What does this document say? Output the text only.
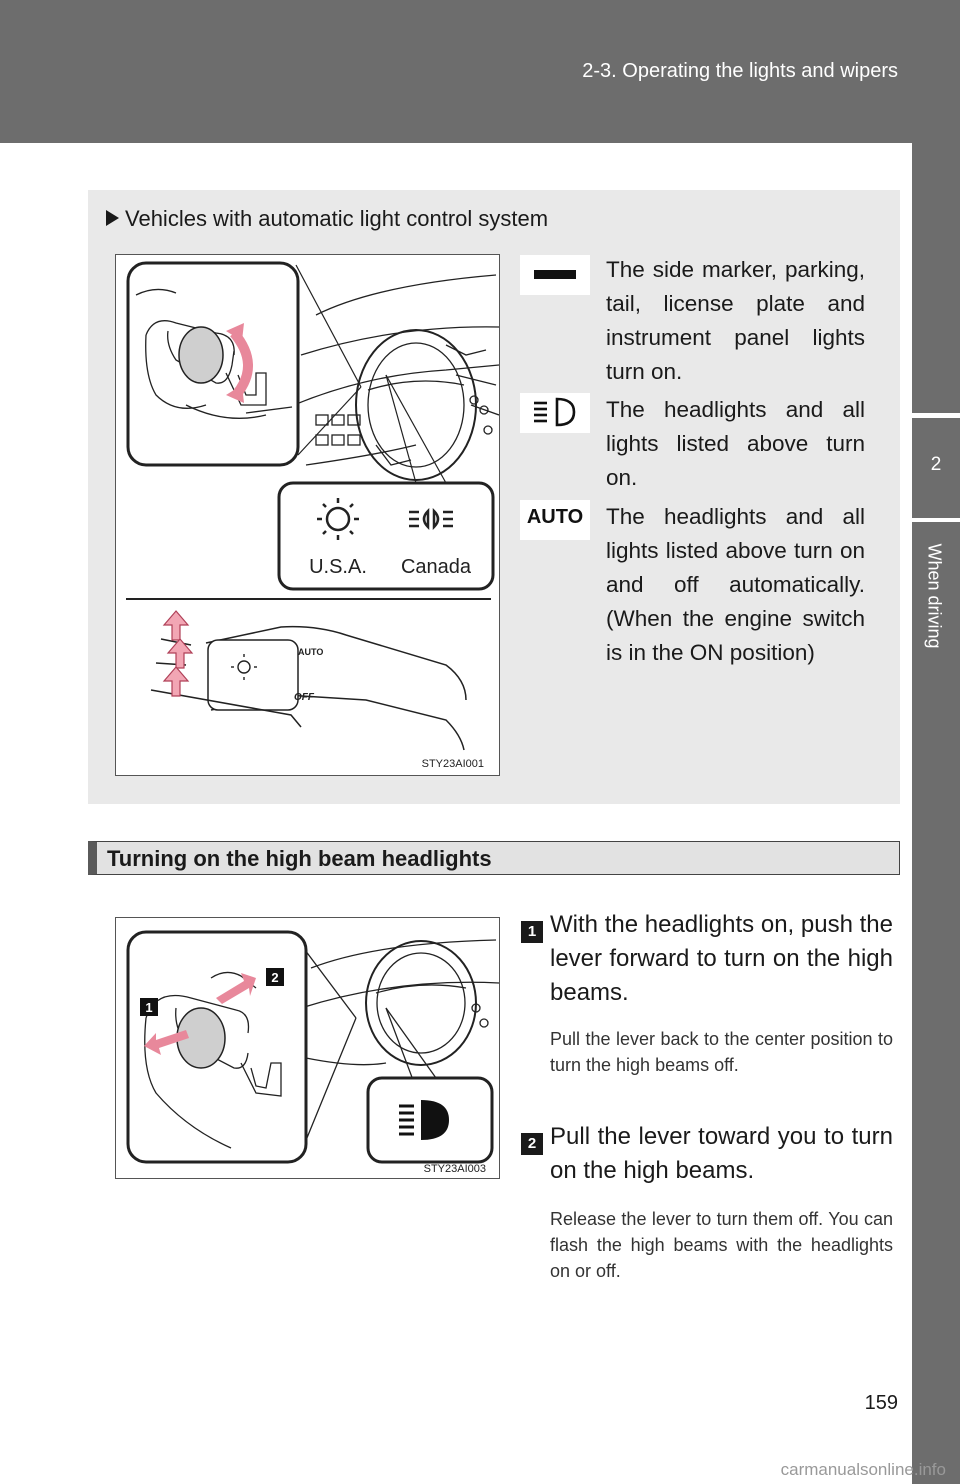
2-3. Operating the lights and wipers
2
When driving
Vehicles with automatic light control system
U.S.A. Canada
AUTO
OFF
STY23AI001
The side marker, parking, tail, license plate and instrument panel lights turn on.
The headlights and all lights listed above turn on.
AUTO	The headlights and all lights listed above turn on and off automatically. (When the engine switch is in the ON position)
Turning on the high beam headlights
2
1
STY23AI003
1 With the headlights on, push the lever forward to turn on the high beams.
Pull the lever back to the center position to turn the high beams off.
2 Pull the lever toward you to turn on the high beams.
Release the lever to turn them off. You can flash the high beams with the headlights on or off.
159
carmanualsonline.info
